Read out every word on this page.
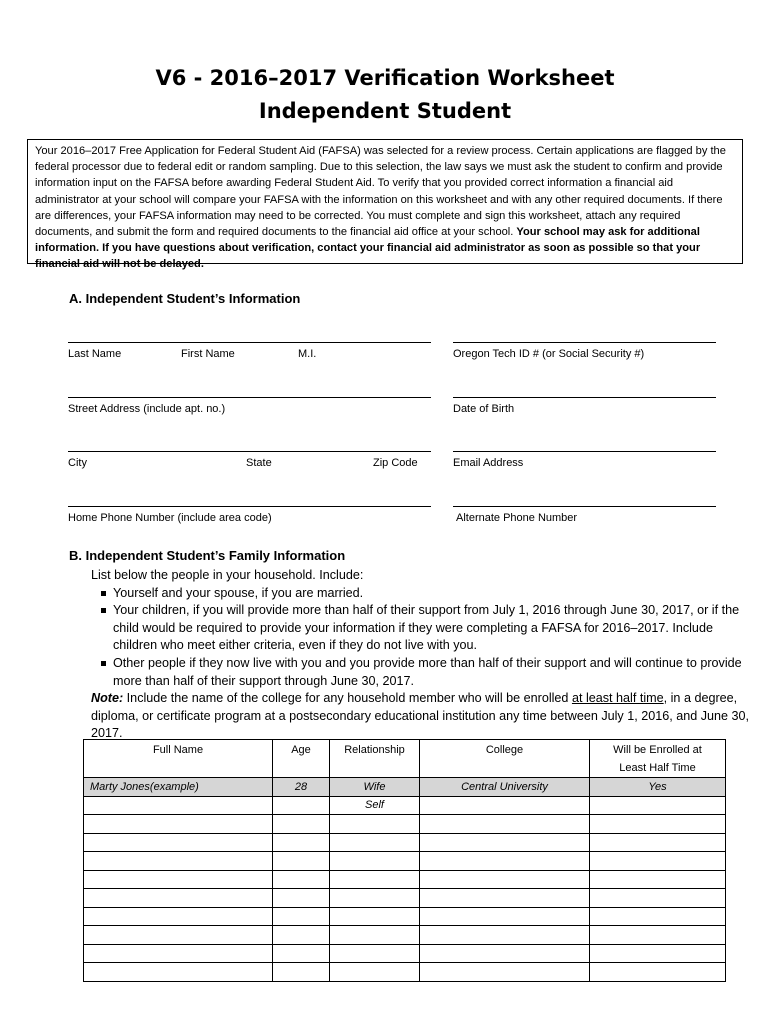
V6 - 2016–2017 Verification Worksheet
Independent Student
Your 2016–2017 Free Application for Federal Student Aid (FAFSA) was selected for a review process. Certain applications are flagged by the federal processor due to federal edit or random sampling. Due to this selection, the law says we must ask the student to confirm and provide information input on the FAFSA before awarding Federal Student Aid. To verify that you provided correct information a financial aid administrator at your school will compare your FAFSA with the information on this worksheet and with any other required documents. If there are differences, your FAFSA information may need to be corrected. You must complete and sign this worksheet, attach any required documents, and submit the form and required documents to the financial aid office at your school. Your school may ask for additional information. If you have questions about verification, contact your financial aid administrator as soon as possible so that your financial aid will not be delayed.
A. Independent Student’s Information
Last Name	First Name	M.I.	Oregon Tech ID # (or Social Security #)
Street Address (include apt. no.)	Date of Birth
City	State	Zip Code	Email Address
Home Phone Number (include area code)	Alternate Phone Number
B. Independent Student’s Family Information
List below the people in your household. Include:
Yourself and your spouse, if you are married.
Your children, if you will provide more than half of their support from July 1, 2016 through June 30, 2017, or if the child would be required to provide your information if they were completing a FAFSA for 2016–2017. Include children who meet either criteria, even if they do not live with you.
Other people if they now live with you and you provide more than half of their support and will continue to provide more than half of their support through June 30, 2017.
Note: Include the name of the college for any household member who will be enrolled at least half time, in a degree, diploma, or certificate program at a postsecondary educational institution any time between July 1, 2016, and June 30, 2017.
Full Name	Age	Relationship	College	Will be Enrolled at
Least Half Time
Marty Jones(example)	28	Wife	Central University	Yes
		Self		
